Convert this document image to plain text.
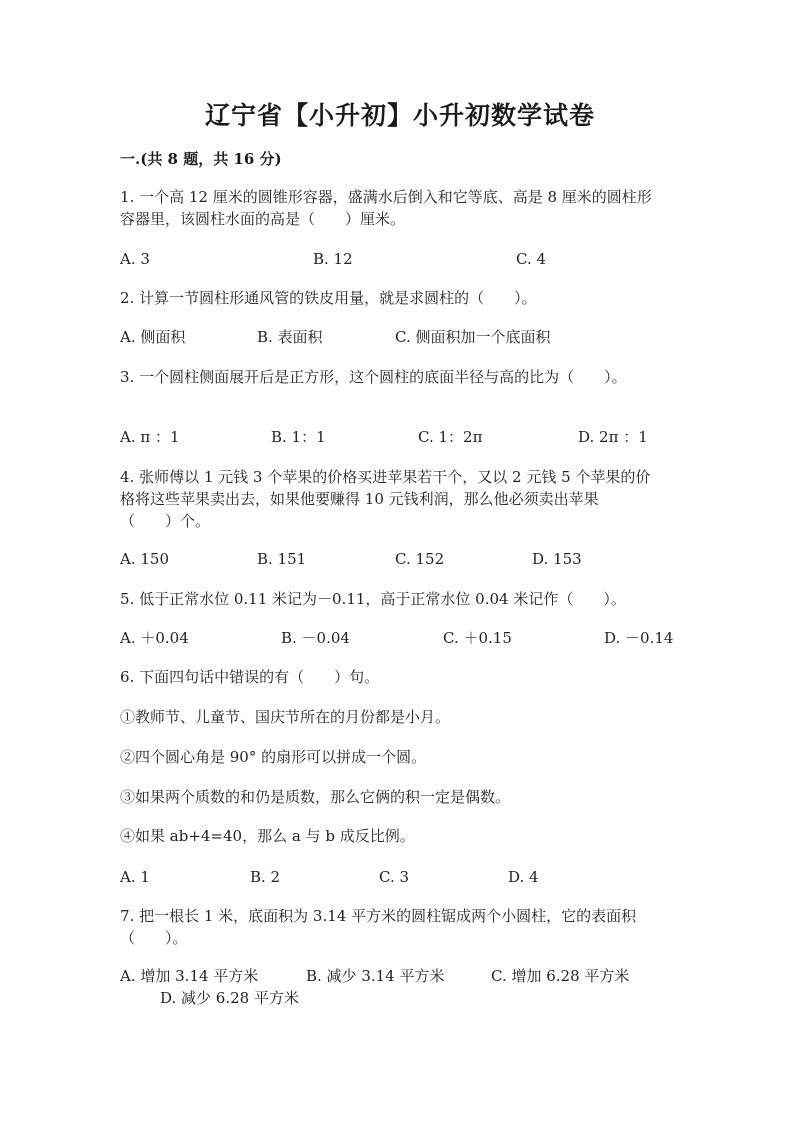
辽宁省【小升初】小升初数学试卷
一.(共 8 题，共 16 分)
1. 一个高 12 厘米的圆锥形容器，盛满水后倒入和它等底、高是 8 厘米的圆柱形
容器里，该圆柱水面的高是（　　）厘米。
A. 3	B. 12	C. 4
2. 计算一节圆柱形通风管的铁皮用量，就是求圆柱的（　　）。
A. 侧面积	B. 表面积	C. 侧面积加一个底面积
3. 一个圆柱侧面展开后是正方形，这个圆柱的底面半径与高的比为（　　）。
A. π ：1	B. 1：1	C. 1：2π	D. 2π ：1
4. 张师傅以 1 元钱 3 个苹果的价格买进苹果若干个，又以 2 元钱 5 个苹果的价
格将这些苹果卖出去，如果他要赚得 10 元钱利润，那么他必须卖出苹果
（　　）个。
A. 150	B. 151	C. 152	D. 153
5. 低于正常水位 0.11 米记为－0.11，高于正常水位 0.04 米记作（　　）。
A. ＋0.04	B. －0.04	C. ＋0.15	D. －0.14
6. 下面四句话中错误的有（　　）句。
①教师节、儿童节、国庆节所在的月份都是小月。
②四个圆心角是 90° 的扇形可以拼成一个圆。
③如果两个质数的和仍是质数，那么它俩的积一定是偶数。
④如果 ab+4=40，那么 a 与 b 成反比例。
A. 1	B. 2	C. 3	D. 4
7. 把一根长 1 米，底面积为 3.14 平方米的圆柱锯成两个小圆柱，它的表面积
（　　）。
A. 增加 3.14 平方米	B. 减少 3.14 平方米	C. 增加 6.28 平方米
D. 减少 6.28 平方米
